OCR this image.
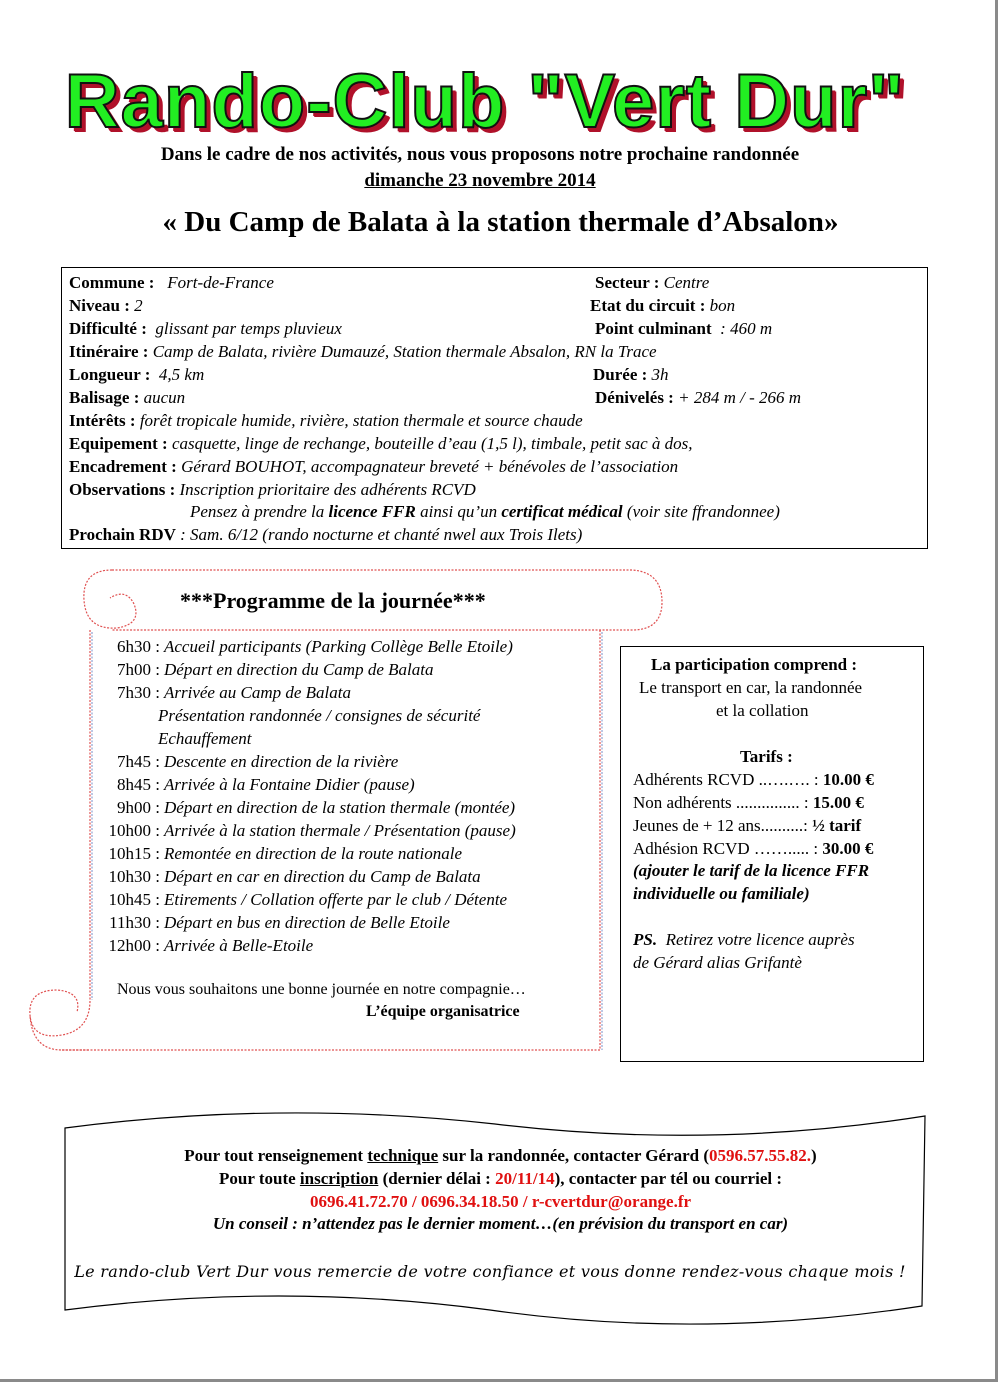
Rando-Club "Vert Dur"
Dans le cadre de nos activités, nous vous proposons notre prochaine randonnée
dimanche 23 novembre 2014
« Du Camp de Balata à la station thermale d’Absalon»
Commune : Fort-de-France	Secteur : Centre
Niveau : 2	Etat du circuit : bon
Difficulté : glissant par temps pluvieux	Point culminant : 460 m
Itinéraire : Camp de Balata, rivière Dumauzé, Station thermale Absalon, RN la Trace
Longueur : 4,5 km	Durée : 3h
Balisage : aucun	Dénivelés : + 284 m / - 266 m
Intérêts : forêt tropicale humide, rivière, station thermale et source chaude
Equipement : casquette, linge de rechange, bouteille d’eau (1,5 l), timbale, petit sac à dos,
Encadrement : Gérard BOUHOT, accompagnateur breveté + bénévoles de l’association
Observations : Inscription prioritaire des adhérents RCVD
Pensez à prendre la licence FFR ainsi qu’un certificat médical (voir site ffrandonnee)
Prochain RDV : Sam. 6/12 (rando nocturne et chanté nwel aux Trois Ilets)
***Programme de la journée***
6h30 : Accueil participants (Parking Collège Belle Etoile)
7h00 : Départ en direction du Camp de Balata
7h30 : Arrivée au Camp de Balata
Présentation randonnée / consignes de sécurité
Echauffement
7h45 : Descente en direction de la rivière
8h45 : Arrivée à la Fontaine Didier (pause)
9h00 : Départ en direction de la station thermale (montée)
10h00 : Arrivée à la station thermale / Présentation (pause)
10h15 : Remontée en direction de la route nationale
10h30 : Départ en car en direction du Camp de Balata
10h45 : Etirements / Collation offerte par le club / Détente
11h30 : Départ en bus en direction de Belle Etoile
12h00 : Arrivée à Belle-Etoile
Nous vous souhaitons une bonne journée en notre compagnie…
L’équipe organisatrice
La participation comprend :
Le transport en car, la randonnée
et la collation
Tarifs :
Adhérents RCVD ..….…. : 10.00 €
Non adhérents ............... : 15.00 €
Jeunes de + 12 ans..........: ½ tarif
Adhésion RCVD ……..... : 30.00 €
(ajouter le tarif de la licence FFR
individuelle ou familiale)
PS. Retirez votre licence auprès
de Gérard alias Grifantè
Pour tout renseignement technique sur la randonnée, contacter Gérard (0596.57.55.82.)
Pour toute inscription (dernier délai : 20/11/14), contacter par tél ou courriel :
0696.41.72.70 / 0696.34.18.50 / r-cvertdur@orange.fr
Un conseil : n’attendez pas le dernier moment…(en prévision du transport en car)
Le rando-club Vert Dur vous remercie de votre confiance et vous donne rendez-vous chaque mois !
